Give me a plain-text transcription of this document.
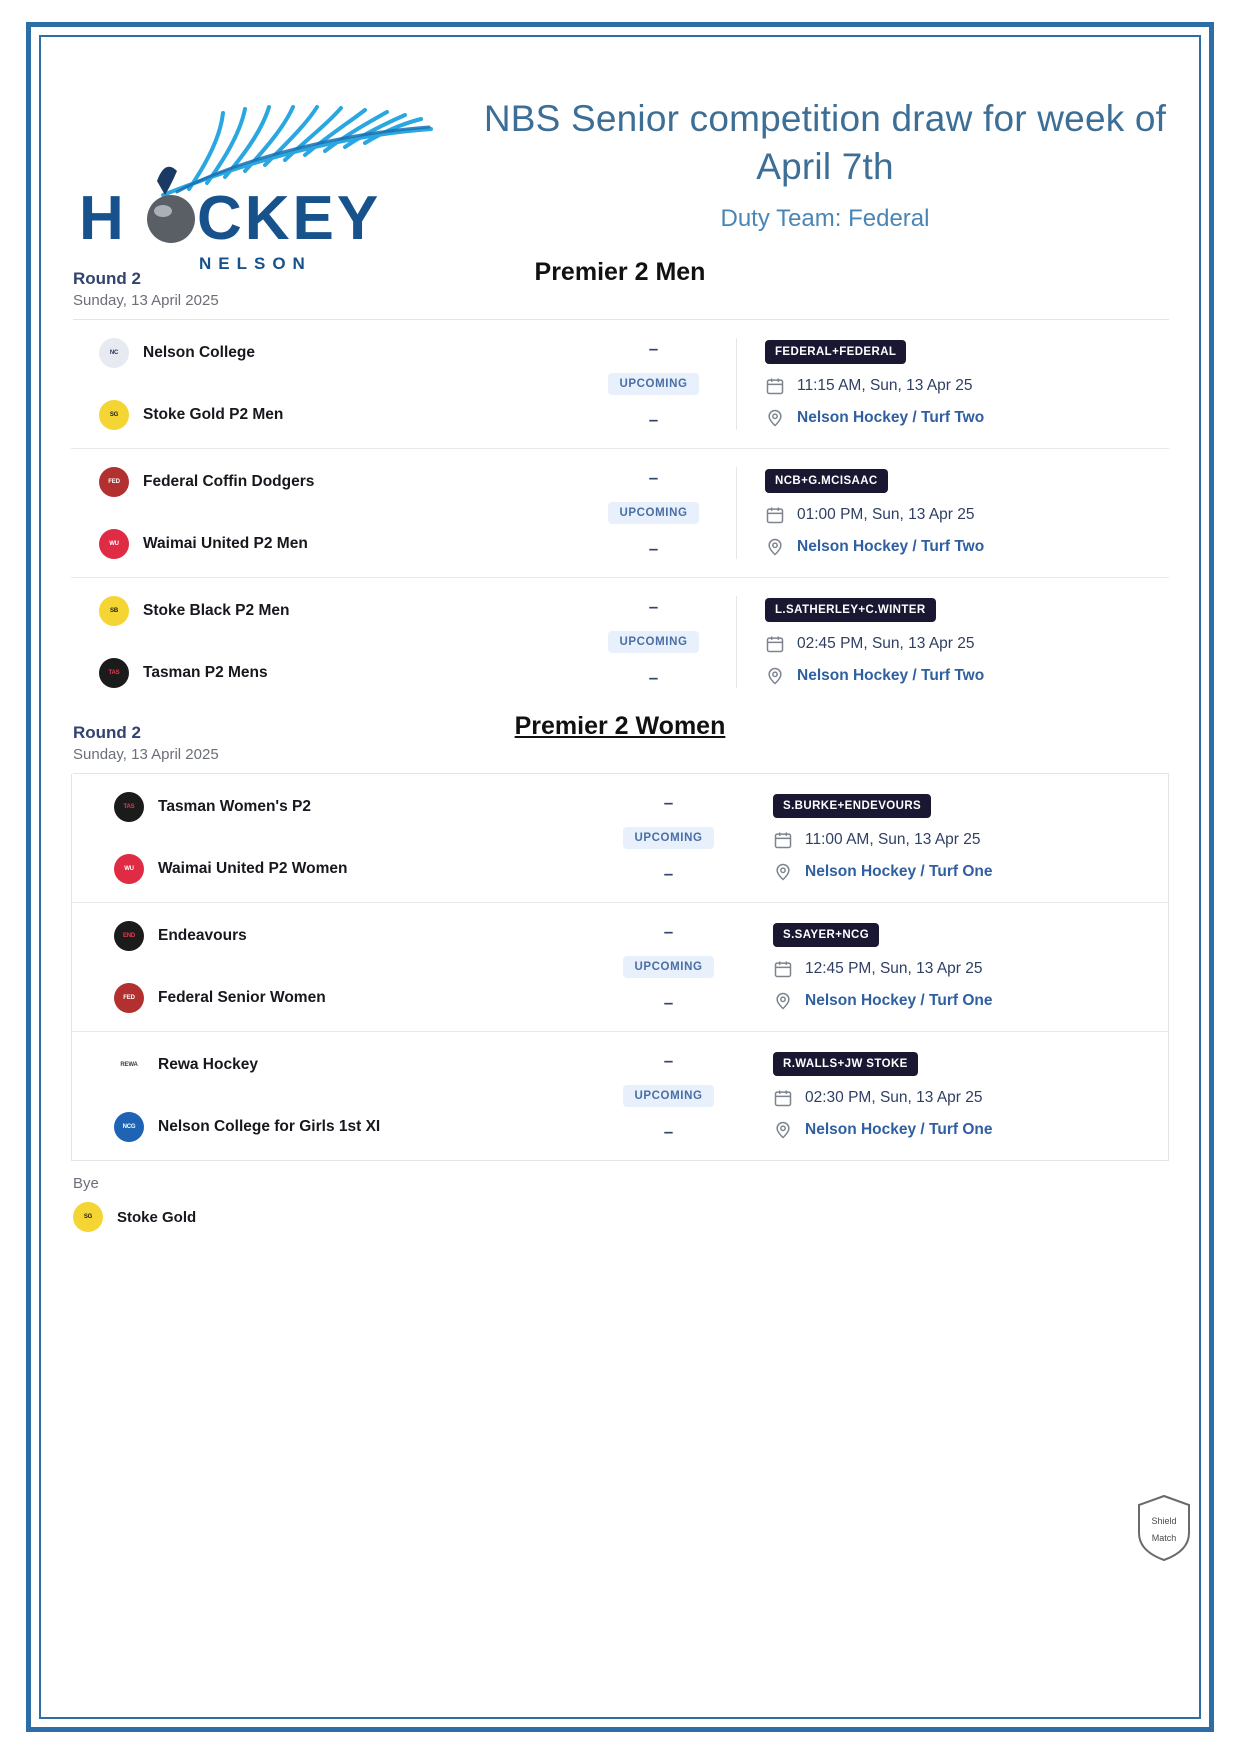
H CKEY
NELSON
NBS Senior competition draw for week of April 7th
Duty Team: Federal
Premier 2 Men
Round 2
Sunday, 13 April 2025
NC	Nelson College
SG	Stoke Gold P2 Men
–
UPCOMING
–
FEDERAL+FEDERAL
11:15 AM, Sun, 13 Apr 25
Nelson Hockey / Turf Two
FED	Federal Coffin Dodgers
WU	Waimai United P2 Men
–
UPCOMING
–
NCB+G.MCISAAC
01:00 PM, Sun, 13 Apr 25
Nelson Hockey / Turf Two
SB	Stoke Black P2 Men
TAS	Tasman P2 Mens
–
UPCOMING
–
L.SATHERLEY+C.WINTER
02:45 PM, Sun, 13 Apr 25
Nelson Hockey / Turf Two
Premier 2 Women
Round 2
Sunday, 13 April 2025
TAS	Tasman Women's P2
WU	Waimai United P2 Women
–
UPCOMING
–
S.BURKE+ENDEVOURS
11:00 AM, Sun, 13 Apr 25
Nelson Hockey / Turf One
END	Endeavours
FED	Federal Senior Women
–
UPCOMING
–
S.SAYER+NCG
12:45 PM, Sun, 13 Apr 25
Nelson Hockey / Turf One
REWA	Rewa Hockey
NCG	Nelson College for Girls 1st XI
–
UPCOMING
–
R.WALLS+JW STOKE
02:30 PM, Sun, 13 Apr 25
Nelson Hockey / Turf One
Bye
SG	Stoke Gold
Shield
Match
